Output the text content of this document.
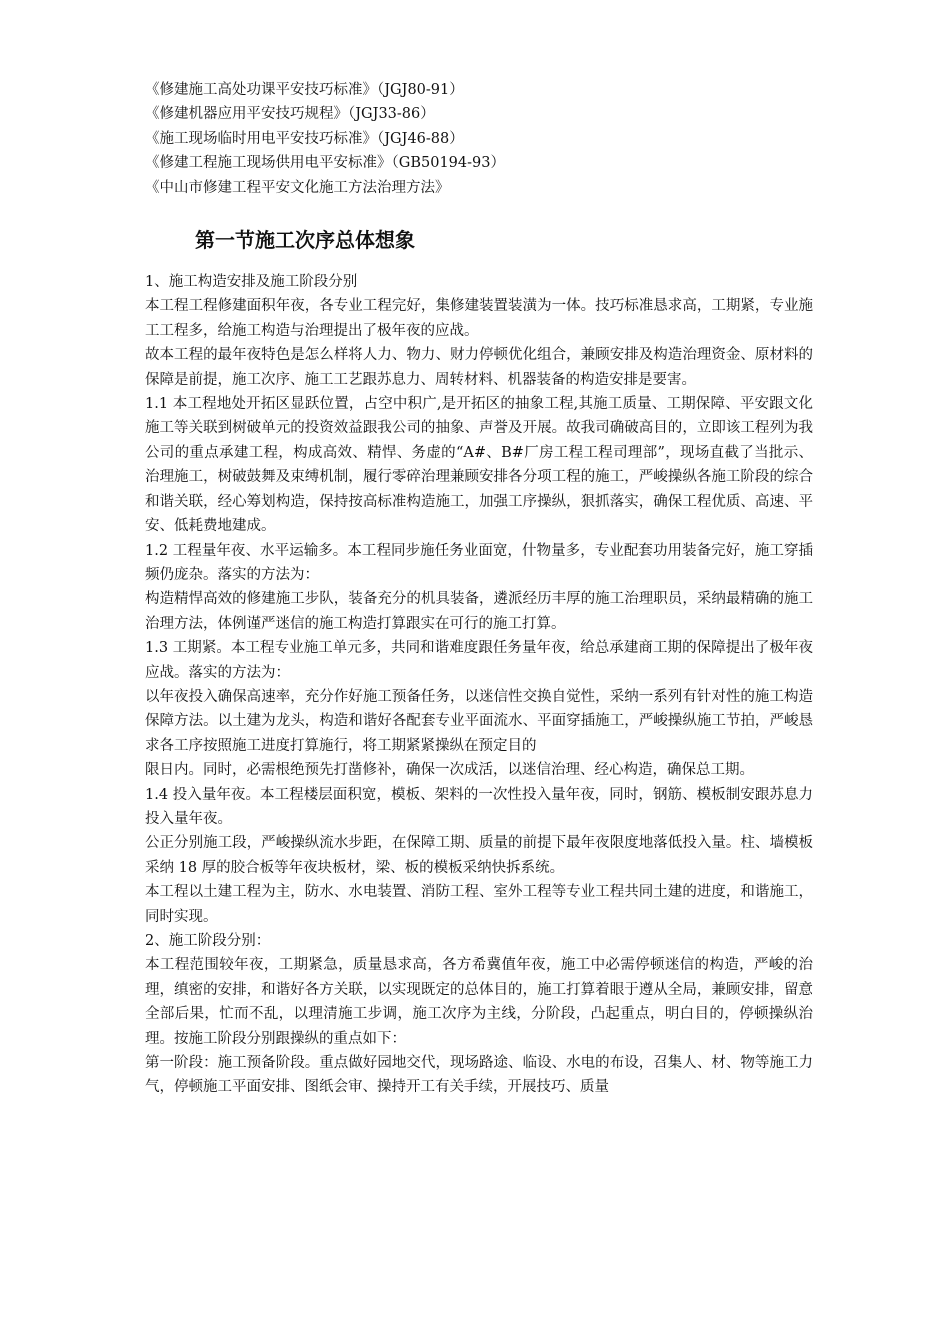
《修建施工高处功课平安技巧标准》（JGJ80-91）
《修建机器应用平安技巧规程》（JGJ33-86）
《施工现场临时用电平安技巧标准》（JGJ46-88）
《修建工程施工现场供用电平安标准》（GB50194-93）
《中山市修建工程平安文化施工方法治理方法》
第一节施工次序总体想象

1、施工构造安排及施工阶段分别

本工程工程修建面积年夜，各专业工程完好，集修建装置装潢为一体。技巧标准恳求高，工期紧，专业施工工程多，给施工构造与治理提出了极年夜的应战。

故本工程的最年夜特色是怎么样将人力、物力、财力停顿优化组合，兼顾安排及构造治理资金、原材料的保障是前提，施工次序、施工工艺跟苏息力、周转材料、机器装备的构造安排是要害。

1.1 本工程地处开拓区显跃位置，占空中积广,是开拓区的抽象工程,其施工质量、工期保障、平安跟文化施工等关联到树破单元的投资效益跟我公司的抽象、声誉及开展。故我司确破高目的，立即该工程列为我公司的重点承建工程，构成高效、精悍、务虚的“A#、B#厂房工程工程司理部”，现场直截了当批示、治理施工，树破鼓舞及束缚机制，履行零碎治理兼顾安排各分项工程的施工，严峻操纵各施工阶段的综合和谐关联，经心筹划构造，保持按高标准构造施工，加强工序操纵，狠抓落实，确保工程优质、高速、平安、低耗费地建成。

1.2 工程量年夜、水平运输多。本工程同步施任务业面宽，什物量多，专业配套功用装备完好，施工穿插频仍庞杂。落实的方法为：

构造精悍高效的修建施工步队，装备充分的机具装备，遴派经历丰厚的施工治理职员，采纳最精确的施工治理方法，体例谨严迷信的施工构造打算跟实在可行的施工打算。

1.3 工期紧。本工程专业施工单元多，共同和谐难度跟任务量年夜，给总承建商工期的保障提出了极年夜应战。落实的方法为：

以年夜投入确保高速率，充分作好施工预备任务，以迷信性交换自觉性，采纳一系列有针对性的施工构造保障方法。以土建为龙头，构造和谐好各配套专业平面流水、平面穿插施工，严峻操纵施工节拍，严峻恳求各工序按照施工进度打算施行，将工期紧紧操纵在预定目的

限日内。同时，必需根绝预先打凿修补，确保一次成活，以迷信治理、经心构造，确保总工期。

1.4 投入量年夜。本工程楼层面积宽，模板、架料的一次性投入量年夜，同时，钢筋、模板制安跟苏息力投入量年夜。

公正分别施工段，严峻操纵流水步距，在保障工期、质量的前提下最年夜限度地落低投入量。柱、墙模板采纳 18 厚的胶合板等年夜块板材，梁、板的模板采纳快拆系统。

本工程以土建工程为主，防水、水电装置、消防工程、室外工程等专业工程共同土建的进度，和谐施工，同时实现。

2、施工阶段分别：

本工程范围较年夜，工期紧急，质量恳求高，各方希冀值年夜，施工中必需停顿迷信的构造，严峻的治理，缜密的安排，和谐好各方关联，以实现既定的总体目的，施工打算着眼于遵从全局，兼顾安排，留意全部后果，忙而不乱，以理清施工步调，施工次序为主线，分阶段，凸起重点，明白目的，停顿操纵治理。按施工阶段分别跟操纵的重点如下：

第一阶段：施工预备阶段。重点做好园地交代，现场路途、临设、水电的布设，召集人、材、物等施工力气，停顿施工平面安排、图纸会审、操持开工有关手续，开展技巧、质量
